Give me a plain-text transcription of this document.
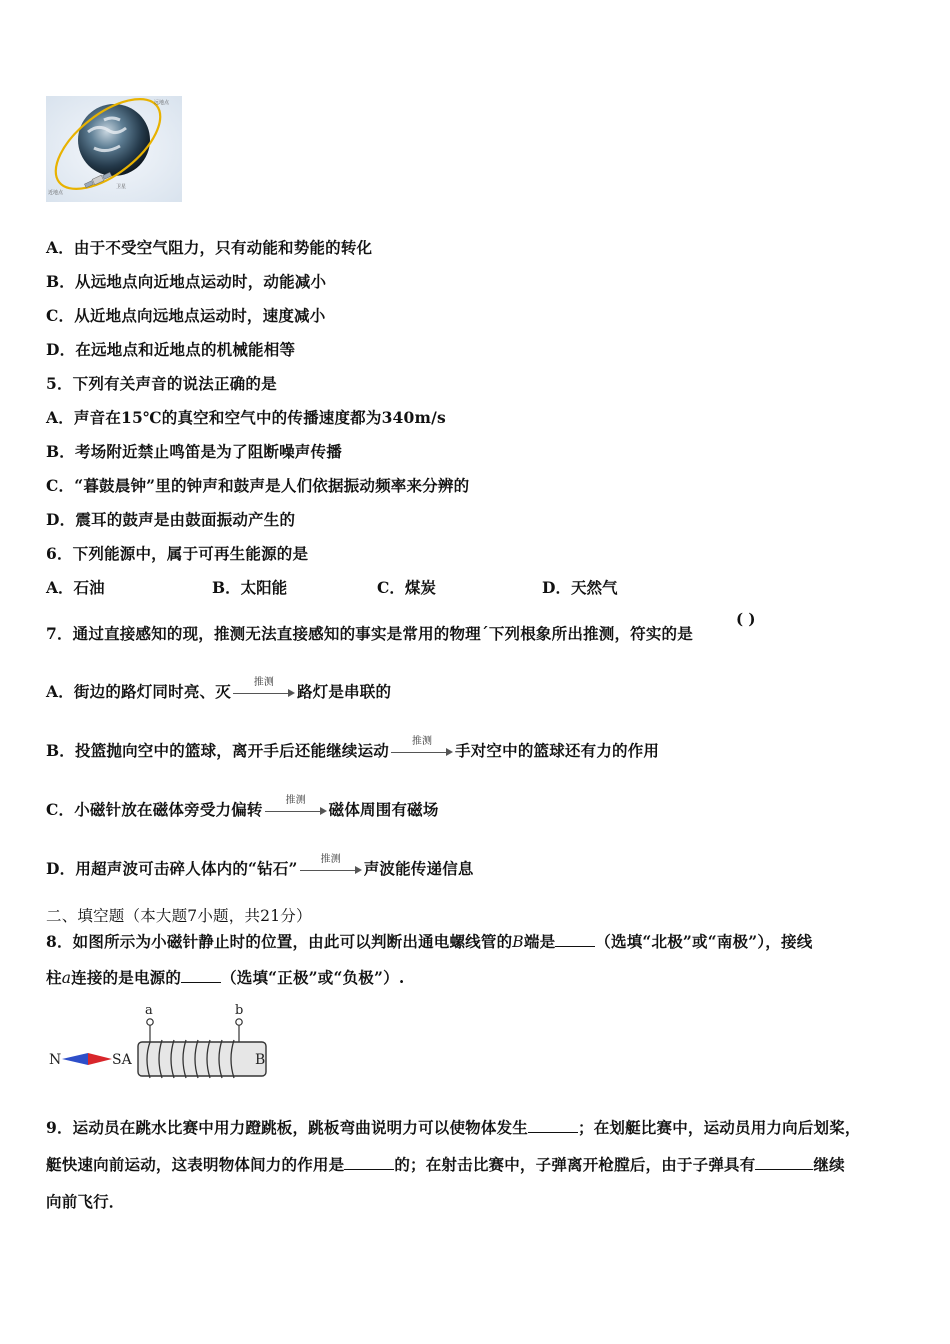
远地点
近地点
卫星
A．由于不受空气阻力，只有动能和势能的转化
B．从远地点向近地点运动时，动能减小
C．从近地点向远地点运动时，速度减小
D．在远地点和近地点的机械能相等
5．下列有关声音的说法正确的是
A．声音在15℃的真空和空气中的传播速度都为340m/s
B．考场附近禁止鸣笛是为了阻断噪声传播
C．“暮鼓晨钟”里的钟声和鼓声是人们依据振动频率来分辨的
D．震耳的鼓声是由鼓面振动产生的
6．下列能源中，属于可再生能源的是
A．石油	B．太阳能	C．煤炭	D．天然气
7．通过直接感知的现，推测无法直接感知的事实是常用的物理ˊ下列根象所出推测，符实的是
( )
A．街边的路灯同时亮、灭	推测	路灯是串联的
B．投篮抛向空中的篮球，离开手后还能继续运动	推测	手对空中的篮球还有力的作用
C．小磁针放在磁体旁受力偏转	推测	磁体周围有磁场
D．用超声波可击碎人体内的“钻石”	推测	声波能传递信息
二、填空题（本大题7小题，共21分）
8．如图所示为小磁针静止时的位置，由此可以判断出通电螺线管的B端是	（选填“北极”或“南极”），接线
柱a连接的是电源的	（选填“正极”或“负极”）.
a	b
N	SA	B
9．运动员在跳水比赛中用力蹬跳板，跳板弯曲说明力可以使物体发生	；在划艇比赛中，运动员用力向后划桨，
艇快速向前运动，这表明物体间力的作用是	的；在射击比赛中，子弹离开枪膛后，由于子弹具有	继续
向前飞行．
